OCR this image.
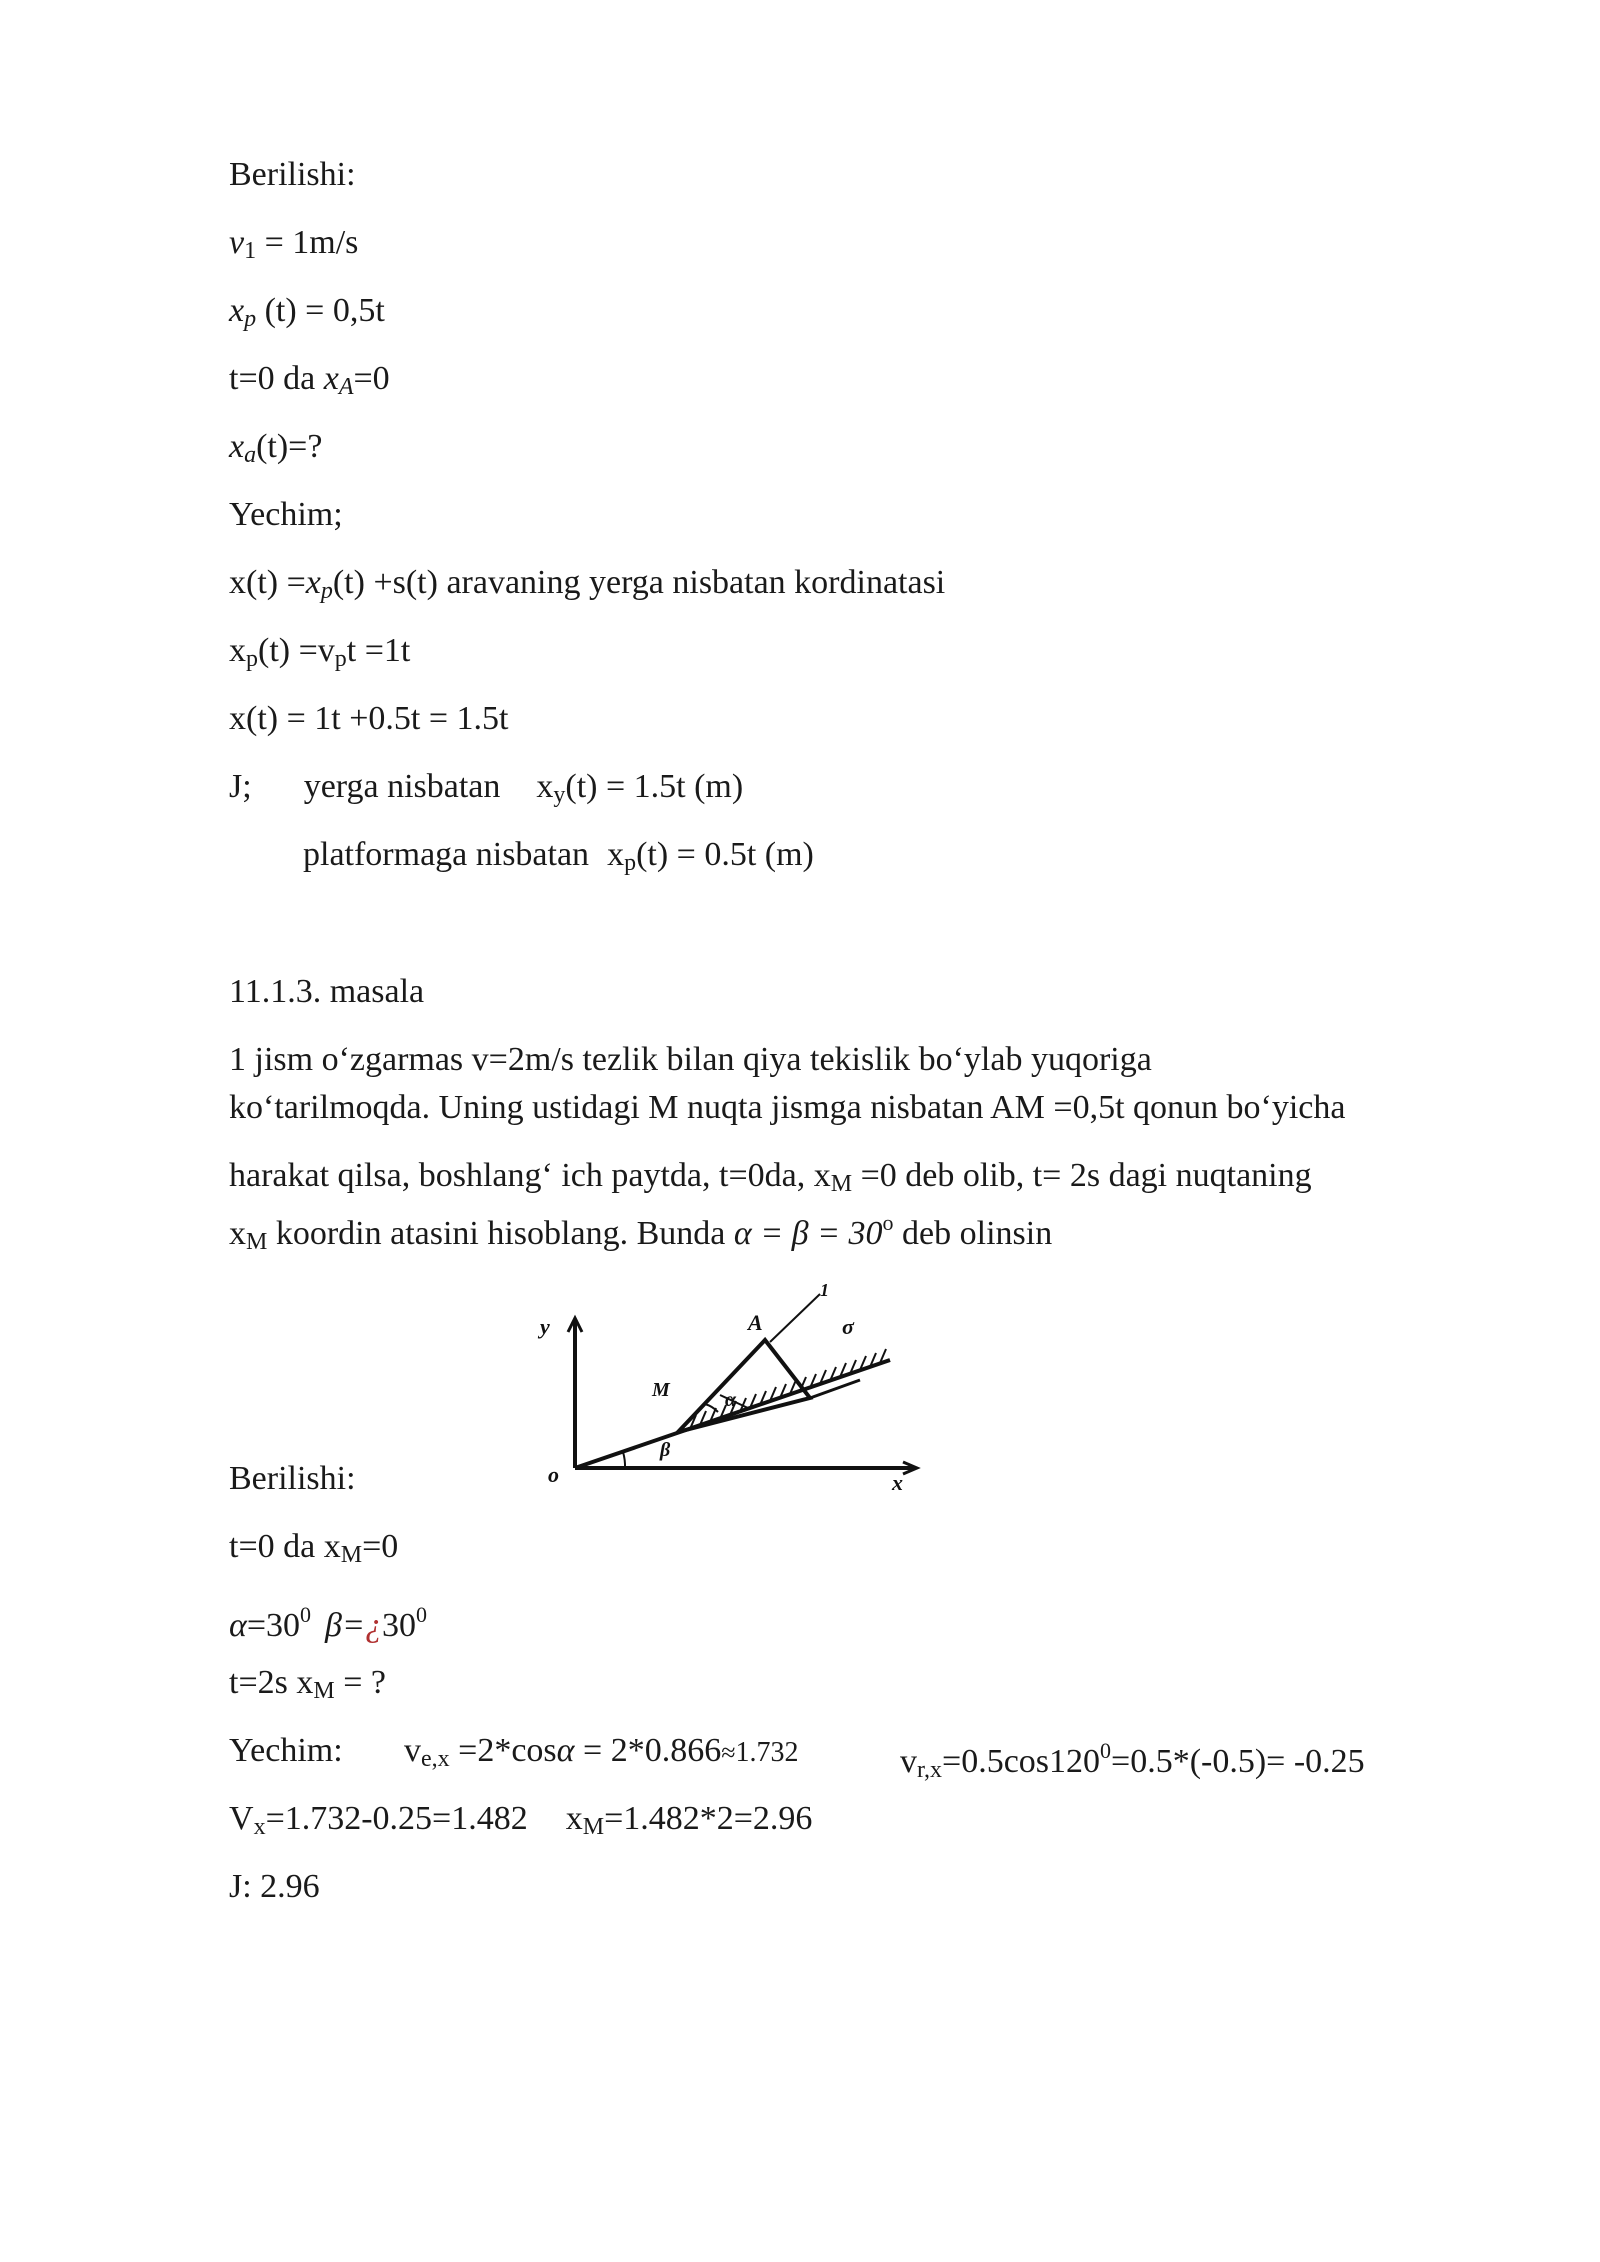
Berilishi:
v1 = 1m/s
xp (t) = 0,5t
t=0 da xA=0
xa(t)=?
Yechim;
x(t) =xp(t) +s(t) aravaning yerga nisbatan kordinatasi
xp(t) =vpt =1t
x(t) = 1t +0.5t = 1.5t
J; yerga nisbatan xy(t) = 1.5t (m)
platformaga nisbatan xp(t) = 0.5t (m)
11.1.3. masala
1 jism o‘zgarmas v=2m/s tezlik bilan qiya tekislik bo‘ylab yuqoriga
ko‘tarilmoqda. Uning ustidagi M nuqta jismga nisbatan AM =0,5t qonun bo‘yicha
harakat qilsa, boshlang‘ ich paytda, t=0da, xM =0 deb olib, t= 2s dagi nuqtaning
xM koordin atasini hisoblang. Bunda $\alpha = \beta = 30^o$ deb olinsin
y
o	x
A
M	α
β
1
σ
Berilishi:
t=0 da xM=0
$\alpha=30^0$ $\beta=¿30^0$
t=2s xM = ?
Yechim: ve,x =2*cosα = 2*0.866≈1.732	$vr,x=0.5\cos 120^0=0.5*(-0.5)= -0.25$
Vx=1.732-0.25=1.482 xM=1.482*2=2.96
J: 2.96
